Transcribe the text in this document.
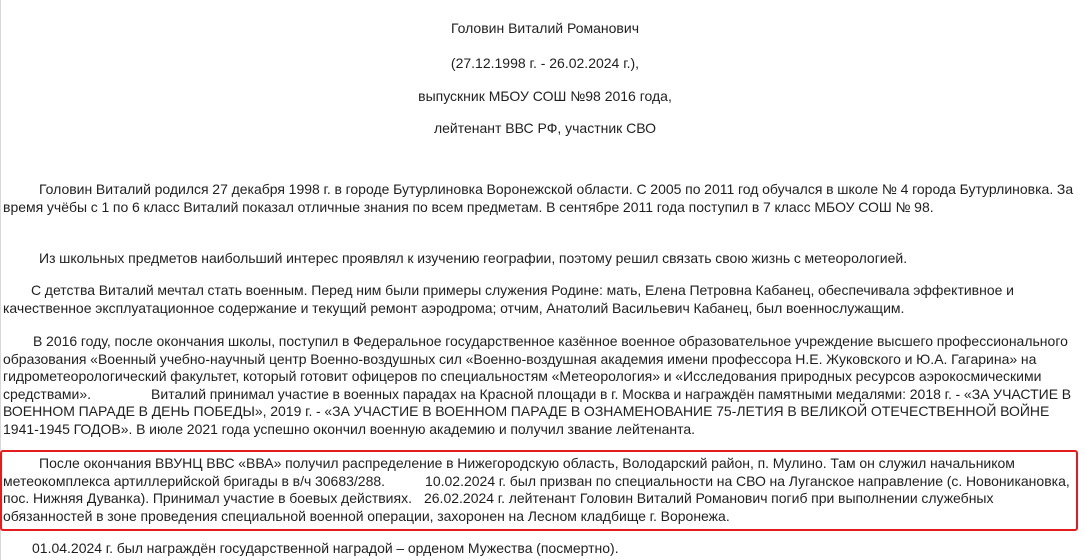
Головин Виталий Романович
(27.12.1998 г. - 26.02.2024 г.),
выпускник МБОУ СОШ №98 2016 года,
лейтенант ВВС РФ, участник СВО

Головин Виталий родился 27 декабря 1998 г. в городе Бутурлиновка Воронежской области. С 2005 по 2011 год обучался в школе № 4 города Бутурлиновка. За время учёбы с 1 по 6 класс Виталий показал отличные знания по всем предметам. В сентябре 2011 года поступил в 7 класс МБОУ СОШ № 98.

Из школьных предметов наибольший интерес проявлял к изучению географии, поэтому решил связать свою жизнь с метеорологией.

С детства Виталий мечтал стать военным. Перед ним были примеры служения Родине: мать, Елена Петровна Кабанец, обеспечивала эффективное и качественное эксплуатационное содержание и текущий ремонт аэродрома; отчим, Анатолий Васильевич Кабанец, был военнослужащим.

В 2016 году, после окончания школы, поступил в Федеральное государственное казённое военное образовательное учреждение высшего профессионального образования «Военный учебно-научный центр Военно-воздушных сил «Военно-воздушная академия имени профессора Н.Е. Жуковского и Ю.А. Гагарина» на гидрометеорологический факультет, который готовит офицеров по специальностям «Метеорология» и «Исследования природных ресурсов аэрокосмическими средствами».	Виталий принимал участие в военных парадах на Красной площади в г. Москва и награждён памятными медалями: 2018 г. - «ЗА УЧАСТИЕ В ВОЕННОМ ПАРАДЕ В ДЕНЬ ПОБЕДЫ», 2019 г. - «ЗА УЧАСТИЕ В ВОЕННОМ ПАРАДЕ В ОЗНАМЕНОВАНИЕ 75-ЛЕТИЯ В ВЕЛИКОЙ ОТЕЧЕСТВЕННОЙ ВОЙНЕ 1941-1945 ГОДОВ». В июле 2021 года успешно окончил военную академию и получил звание лейтенанта.

После окончания ВВУНЦ ВВС «ВВА» получил распределение в Нижегородскую область, Володарский район, п. Мулино. Там он служил начальником метеокомплекса артиллерийской бригады в в/ч 30683/288.	10.02.2024 г. был призван по специальности на СВО на Луганское направление (с. Новоникановка, пос. Нижняя Дуванка). Принимал участие в боевых действиях. 26.02.2024 г. лейтенант Головин Виталий Романович погиб при выполнении служебных обязанностей в зоне проведения специальной военной операции, захоронен на Лесном кладбище г. Воронежа.

01.04.2024 г. был награждён государственной наградой – орденом Мужества (посмертно).
